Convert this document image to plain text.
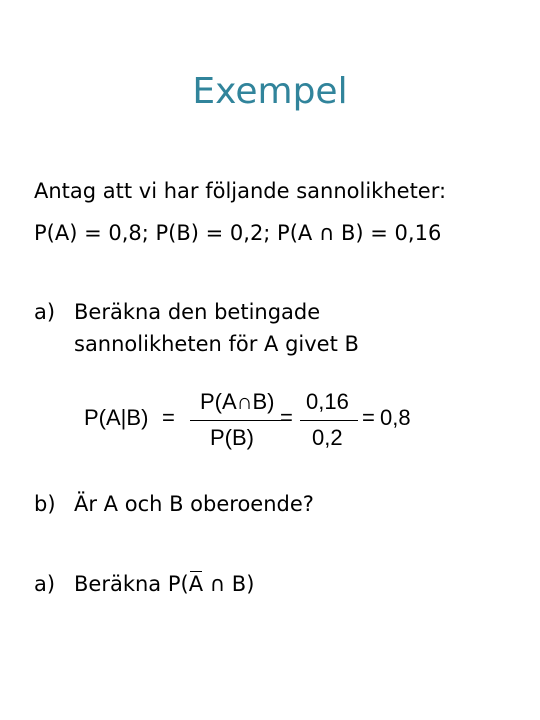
Exempel
Antag att vi har följande sannolikheter:
P(A) = 0,8; P(B) = 0,2; P(A ∩ B) = 0,16
a) Beräkna den betingade
sannolikheten för A givet B
P(A|B) =
P(A∩B)
P(B)
=
0,16
0,2
= 0,8
b) Är A och B oberoende?
a) Beräkna P(A ∩ B)
